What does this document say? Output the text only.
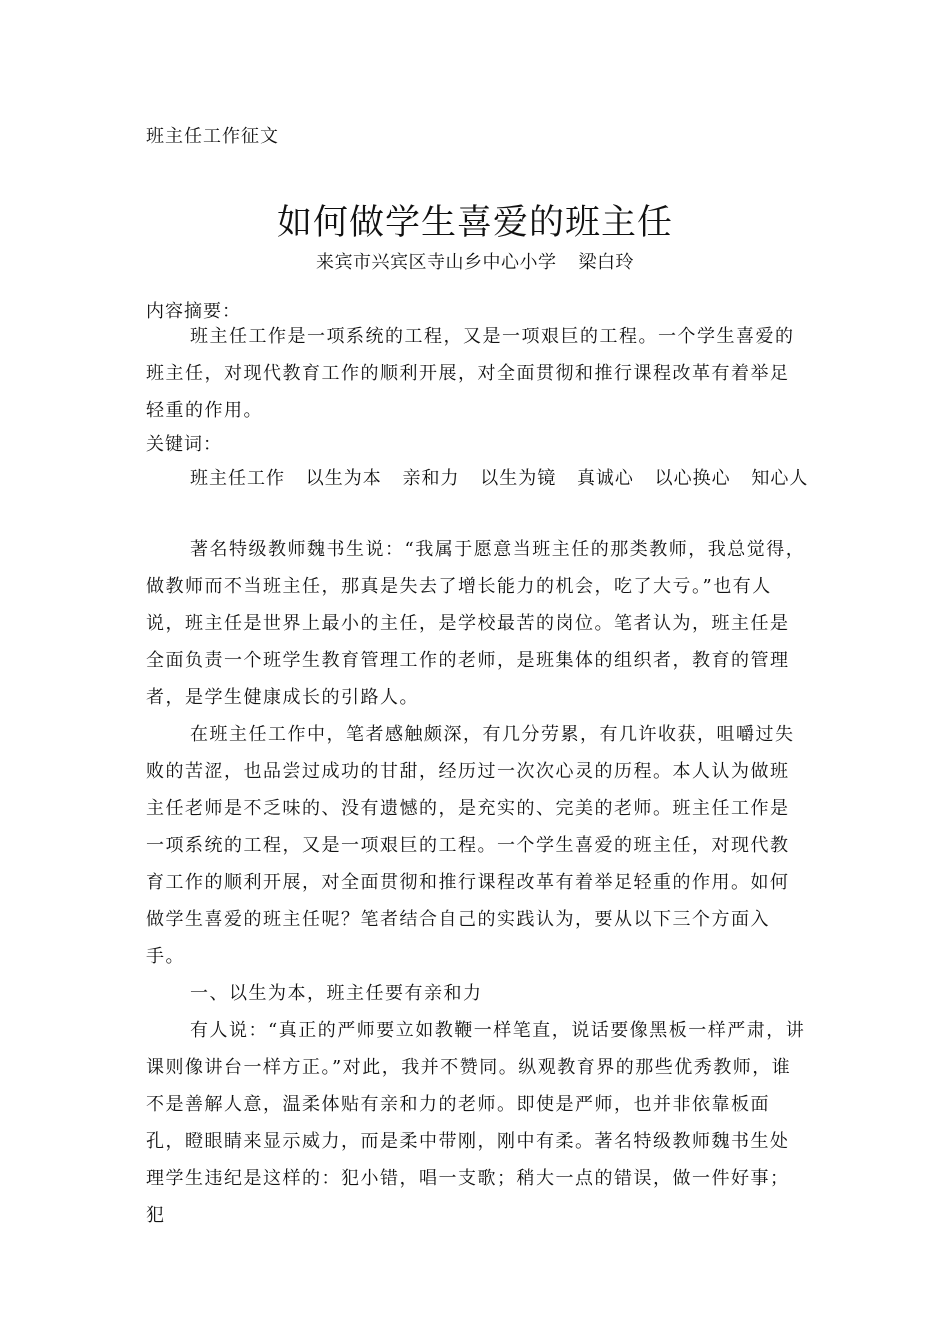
班主任工作征文
如何做学生喜爱的班主任
来宾市兴宾区寺山乡中心小学 梁白玲
内容摘要：

班主任工作是一项系统的工程，又是一项艰巨的工程。一个学生喜爱的班主任，对现代教育工作的顺利开展，对全面贯彻和推行课程改革有着举足轻重的作用。

关键词：
班主任工作 以生为本 亲和力 以生为镜 真诚心 以心换心 知心人

著名特级教师魏书生说：“我属于愿意当班主任的那类教师，我总觉得，做教师而不当班主任，那真是失去了增长能力的机会，吃了大亏。”也有人说，班主任是世界上最小的主任，是学校最苦的岗位。笔者认为，班主任是全面负责一个班学生教育管理工作的老师，是班集体的组织者，教育的管理者，是学生健康成长的引路人。

在班主任工作中，笔者感触颇深，有几分劳累，有几许收获，咀嚼过失败的苦涩，也品尝过成功的甘甜，经历过一次次心灵的历程。本人认为做班主任老师是不乏味的、没有遗憾的，是充实的、完美的老师。班主任工作是一项系统的工程，又是一项艰巨的工程。一个学生喜爱的班主任，对现代教育工作的顺利开展，对全面贯彻和推行课程改革有着举足轻重的作用。如何做学生喜爱的班主任呢？笔者结合自己的实践认为，要从以下三个方面入手。

一、以生为本，班主任要有亲和力

有人说：“真正的严师要立如教鞭一样笔直，说话要像黑板一样严肃，讲课则像讲台一样方正。”对此，我并不赞同。纵观教育界的那些优秀教师，谁不是善解人意，温柔体贴有亲和力的老师。即使是严师，也并非依靠板面孔，瞪眼睛来显示威力，而是柔中带刚，刚中有柔。著名特级教师魏书生处理学生违纪是这样的：犯小错，唱一支歌；稍大一点的错误，做一件好事；犯
